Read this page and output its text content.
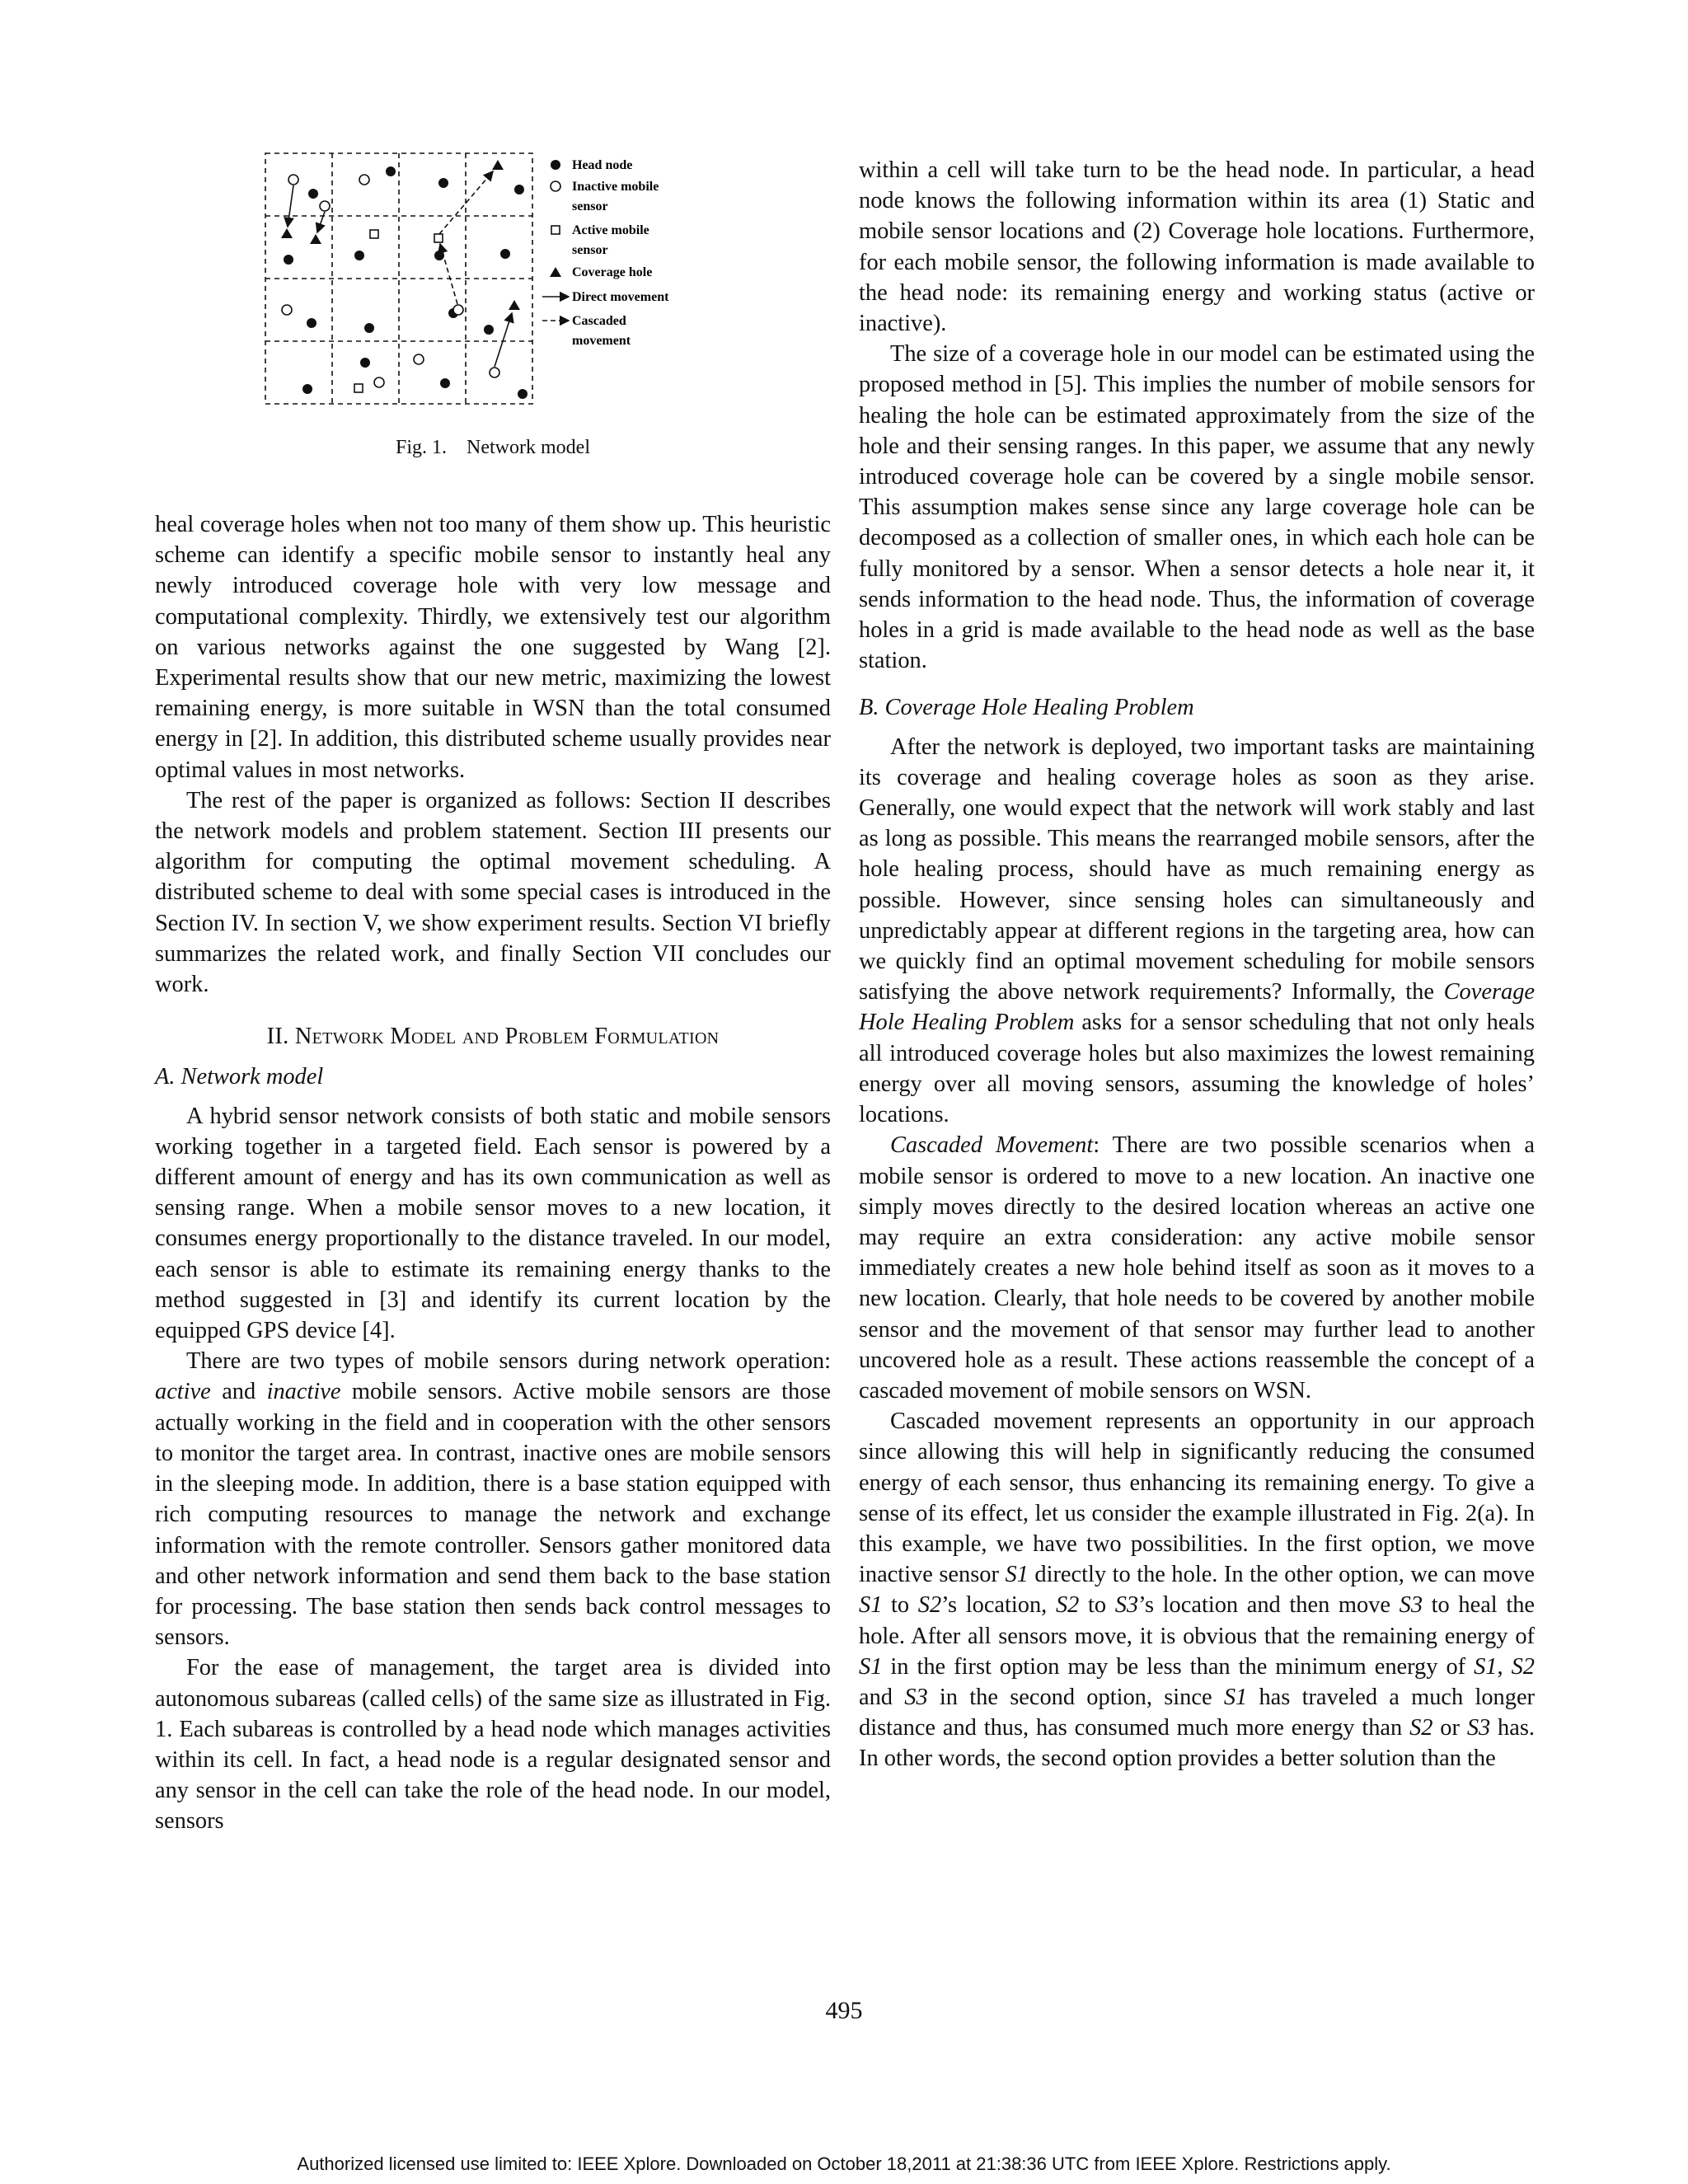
Head node
Inactive mobile
sensor
Active mobile
sensor
Coverage hole
Direct movement
Cascaded
movement
Fig. 1. Network model

heal coverage holes when not too many of them show up. This heuristic scheme can identify a specific mobile sensor to instantly heal any newly introduced coverage hole with very low message and computational complexity. Thirdly, we extensively test our algorithm on various networks against the one suggested by Wang [2]. Experimental results show that our new metric, maximizing the lowest remaining energy, is more suitable in WSN than the total consumed energy in [2]. In addition, this distributed scheme usually provides near optimal values in most networks.

The rest of the paper is organized as follows: Section II describes the network models and problem statement. Section III presents our algorithm for computing the optimal movement scheduling. A distributed scheme to deal with some special cases is introduced in the Section IV. In section V, we show experiment results. Section VI briefly summarizes the related work, and finally Section VII concludes our work.

II. Network Model and Problem Formulation
A. Network model

A hybrid sensor network consists of both static and mobile sensors working together in a targeted field. Each sensor is powered by a different amount of energy and has its own communication as well as sensing range. When a mobile sensor moves to a new location, it consumes energy proportionally to the distance traveled. In our model, each sensor is able to estimate its remaining energy thanks to the method suggested in [3] and identify its current location by the equipped GPS device [4].

There are two types of mobile sensors during network operation: active and inactive mobile sensors. Active mobile sensors are those actually working in the field and in cooperation with the other sensors to monitor the target area. In contrast, inactive ones are mobile sensors in the sleeping mode. In addition, there is a base station equipped with rich computing resources to manage the network and exchange information with the remote controller. Sensors gather monitored data and other network information and send them back to the base station for processing. The base station then sends back control messages to sensors.

For the ease of management, the target area is divided into autonomous subareas (called cells) of the same size as illustrated in Fig. 1. Each subareas is controlled by a head node which manages activities within its cell. In fact, a head node is a regular designated sensor and any sensor in the cell can take the role of the head node. In our model, sensors

within a cell will take turn to be the head node. In particular, a head node knows the following information within its area (1) Static and mobile sensor locations and (2) Coverage hole locations. Furthermore, for each mobile sensor, the following information is made available to the head node: its remaining energy and working status (active or inactive).

The size of a coverage hole in our model can be estimated using the proposed method in [5]. This implies the number of mobile sensors for healing the hole can be estimated approximately from the size of the hole and their sensing ranges. In this paper, we assume that any newly introduced coverage hole can be covered by a single mobile sensor. This assumption makes sense since any large coverage hole can be decomposed as a collection of smaller ones, in which each hole can be fully monitored by a sensor. When a sensor detects a hole near it, it sends information to the head node. Thus, the information of coverage holes in a grid is made available to the head node as well as the base station.

B. Coverage Hole Healing Problem

After the network is deployed, two important tasks are maintaining its coverage and healing coverage holes as soon as they arise. Generally, one would expect that the network will work stably and last as long as possible. This means the rearranged mobile sensors, after the hole healing process, should have as much remaining energy as possible. However, since sensing holes can simultaneously and unpredictably appear at different regions in the targeting area, how can we quickly find an optimal movement scheduling for mobile sensors satisfying the above network requirements? Informally, the Coverage Hole Healing Problem asks for a sensor scheduling that not only heals all introduced coverage holes but also maximizes the lowest remaining energy over all moving sensors, assuming the knowledge of holes’ locations.

Cascaded Movement: There are two possible scenarios when a mobile sensor is ordered to move to a new location. An inactive one simply moves directly to the desired location whereas an active one may require an extra consideration: any active mobile sensor immediately creates a new hole behind itself as soon as it moves to a new location. Clearly, that hole needs to be covered by another mobile sensor and the movement of that sensor may further lead to another uncovered hole as a result. These actions reassemble the concept of a cascaded movement of mobile sensors on WSN.

Cascaded movement represents an opportunity in our approach since allowing this will help in significantly reducing the consumed energy of each sensor, thus enhancing its remaining energy. To give a sense of its effect, let us consider the example illustrated in Fig. 2(a). In this example, we have two possibilities. In the first option, we move inactive sensor S1 directly to the hole. In the other option, we can move S1 to S2’s location, S2 to S3’s location and then move S3 to heal the hole. After all sensors move, it is obvious that the remaining energy of S1 in the first option may be less than the minimum energy of S1, S2 and S3 in the second option, since S1 has traveled a much longer distance and thus, has consumed much more energy than S2 or S3 has. In other words, the second option provides a better solution than the

495
Authorized licensed use limited to: IEEE Xplore. Downloaded on October 18,2011 at 21:38:36 UTC from IEEE Xplore. Restrictions apply.
